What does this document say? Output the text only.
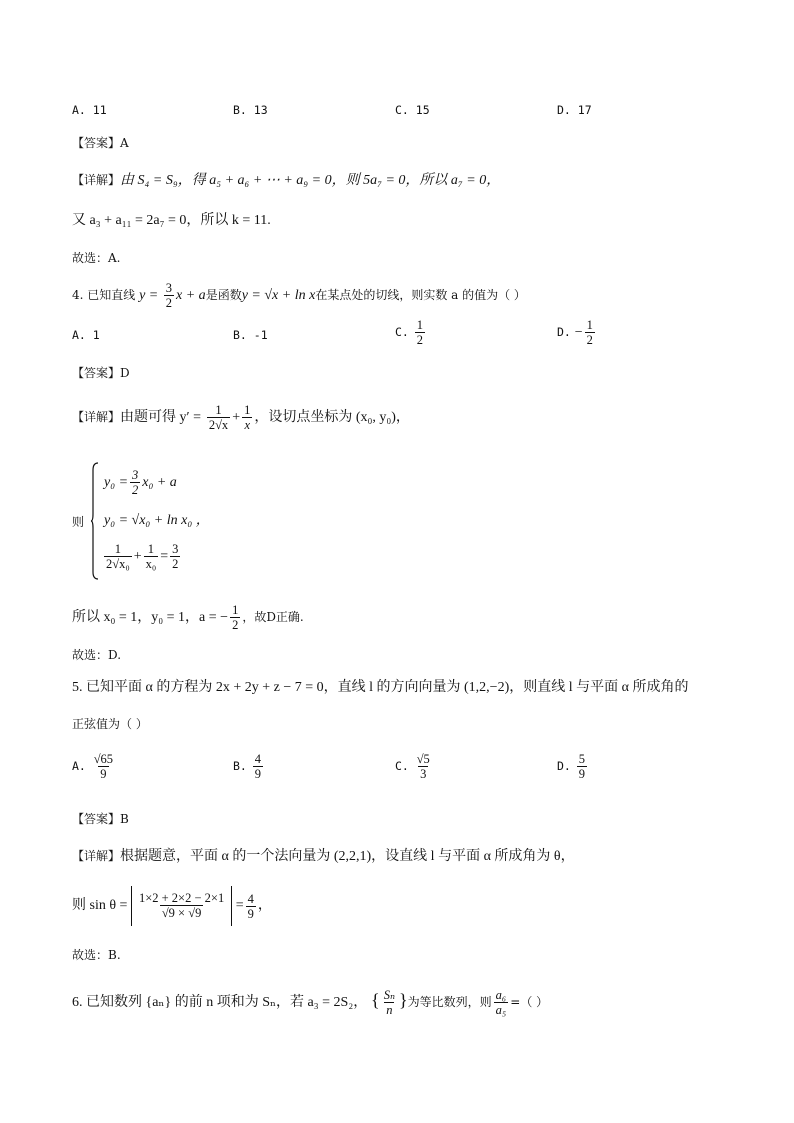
A. 11	B. 13	C. 15	D. 17
【答案】A
【详解】由 S₄ = S₉，得 a₅ + a₆ + ⋯ + a₉ = 0，则 5a₇ = 0，所以 a₇ = 0，
又 a₃ + a₁₁ = 2a₇ = 0，所以 k = 11.
故选：A.
4. 已知直线 $y = \frac{3}{2}$ x + a是函数y = √x + ln x在某点处的切线，则实数 a 的值为（ ）
A. 1	B. -1	C. $\frac{1}{2}$	D. − $\frac{1}{2}$
【答案】D
【详解】由题可得 $y' = \frac{1}{2√x} + \frac{1}{x}$ ，设切点坐标为 (x₀, y₀)，
则
$y_0 = \frac{3}{2} x_0 + a$
y₀ = √x₀ + ln x₀ ，
$\frac{1}{\text{2√x₀}} + \frac{1}{\text{x₀}} = \frac{3}{2}$
所以 x₀ = 1，y₀ = 1，a = − $\frac{1}{2}$ ，故D正确.
故选：D.
5. 已知平面 α 的方程为 2x + 2y + z − 7 = 0，直线 l 的方向向量为 (1,2,−2)，则直线 l 与平面 α 所成角的
正弦值为（ ）
A. $\frac{√65}{9}$	B. $\frac{4}{9}$	C. $\frac{√5}{3}$	D. $\frac{5}{9}$
【答案】B
【详解】根据题意，平面 α 的一个法向量为 (2,2,1)，设直线 l 与平面 α 所成角为 θ，
则 $\sin \theta = \frac{1\times 2 + 2\times 2 - 2\times 1}{√9 \times √9} = \frac{4}{9}$ ，
故选：B.
6. 已知数列 {aₙ} 的前 n 项和为 Sₙ，若 a₃ = 2S₂， { $\frac{\text{Sₙ}}{n}$ }为等比数列，则 $\frac{\text{a₆}}{\text{a₅}}$ =（ ）
